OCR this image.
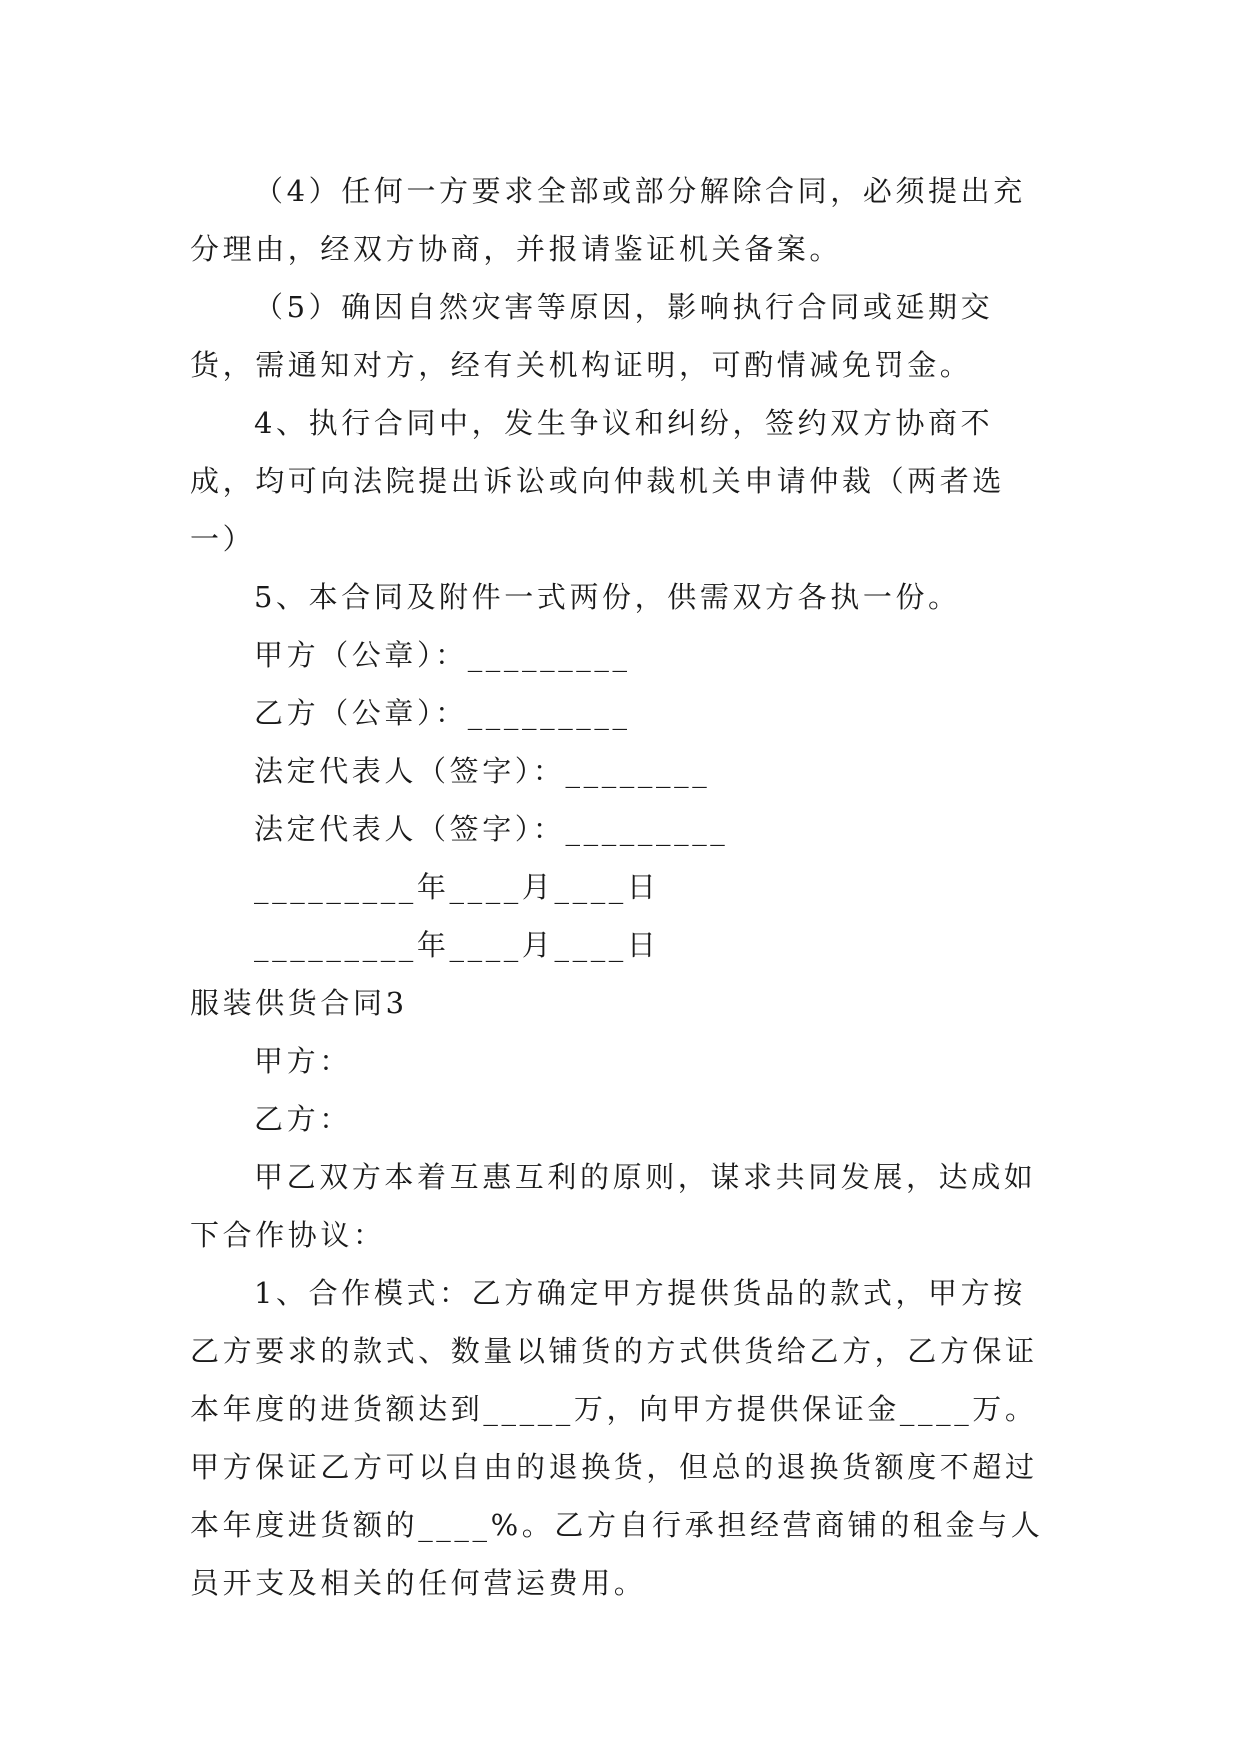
（4）任何一方要求全部或部分解除合同，必须提出充分理由，经双方协商，并报请鉴证机关备案。

（5）确因自然灾害等原因，影响执行合同或延期交货，需通知对方，经有关机构证明，可酌情减免罚金。

4、执行合同中，发生争议和纠纷，签约双方协商不成，均可向法院提出诉讼或向仲裁机关申请仲裁（两者选一）

5、本合同及附件一式两份，供需双方各执一份。

甲方（公章）：_________

乙方（公章）：_________

法定代表人（签字）：________

法定代表人（签字）：_________

_________年____月____日

_________年____月____日

服装供货合同3

甲方：

乙方：

甲乙双方本着互惠互利的原则，谋求共同发展，达成如下合作协议：

1、合作模式：乙方确定甲方提供货品的款式，甲方按乙方要求的款式、数量以铺货的方式供货给乙方，乙方保证本年度的进货额达到_____万，向甲方提供保证金____万。甲方保证乙方可以自由的退换货，但总的退换货额度不超过本年度进货额的____%。乙方自行承担经营商铺的租金与人员开支及相关的任何营运费用。
